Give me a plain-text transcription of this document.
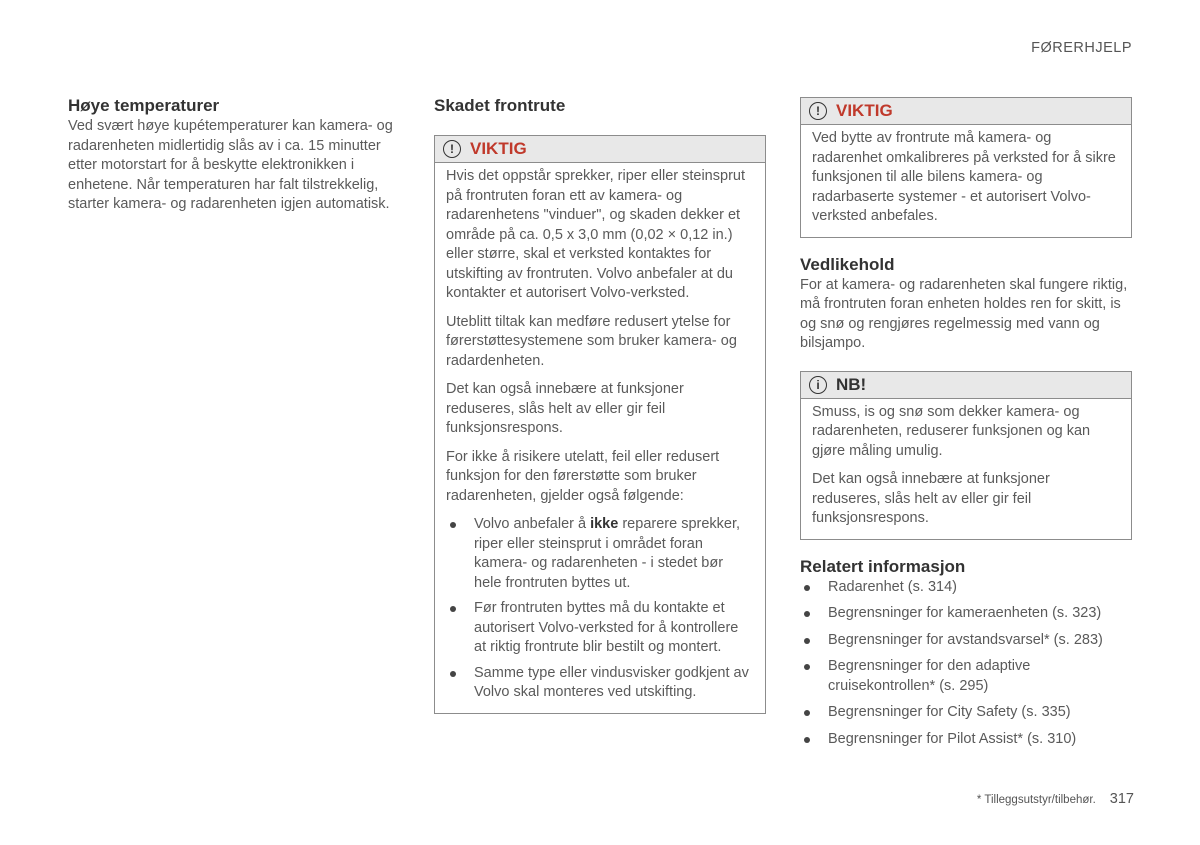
FØRERHJELP
Høye temperaturer

Ved svært høye kupétemperaturer kan kamera- og radarenheten midlertidig slås av i ca. 15 minutter etter motorstart for å beskytte elektronikken i enhetene. Når temperaturen har falt tilstrekkelig, starter kamera- og radarenheten igjen automatisk.

Skadet frontrute
! VIKTIG

Hvis det oppstår sprekker, riper eller steinsprut på frontruten foran ett av kamera- og radarenhetens "vinduer", og skaden dekker et område på ca. 0,5 x 3,0 mm (0,02 × 0,12 in.) eller større, skal et verksted kontaktes for utskifting av frontruten. Volvo anbefaler at du kontakter et autorisert Volvo-verksted.

Uteblitt tiltak kan medføre redusert ytelse for førerstøttesystemene som bruker kamera- og radardenheten.

Det kan også innebære at funksjoner reduseres, slås helt av eller gir feil funksjonsrespons.

For ikke å risikere utelatt, feil eller redusert funksjon for den førerstøtte som bruker radarenheten, gjelder også følgende:

Volvo anbefaler å ikke reparere sprekker, riper eller steinsprut i området foran kamera- og radarenheten - i stedet bør hele frontruten byttes ut.
Før frontruten byttes må du kontakte et autorisert Volvo-verksted for å kontrollere at riktig frontrute blir bestilt og montert.
Samme type eller vindusvisker godkjent av Volvo skal monteres ved utskifting.
! VIKTIG

Ved bytte av frontrute må kamera- og radarenhet omkalibreres på verksted for å sikre funksjonen til alle bilens kamera- og radarbaserte systemer - et autorisert Volvo-verksted anbefales.

Vedlikehold

For at kamera- og radarenheten skal fungere riktig, må frontruten foran enheten holdes ren for skitt, is og snø og rengjøres regelmessig med vann og bilsjampo.

i NB!

Smuss, is og snø som dekker kamera- og radarenheten, reduserer funksjonen og kan gjøre måling umulig.

Det kan også innebære at funksjoner reduseres, slås helt av eller gir feil funksjonsrespons.

Relatert informasjon
Radarenhet (s. 314)
Begrensninger for kameraenheten (s. 323)
Begrensninger for avstandsvarsel* (s. 283)
Begrensninger for den adaptive cruisekontrollen* (s. 295)
Begrensninger for City Safety (s. 335)
Begrensninger for Pilot Assist* (s. 310)
* Tilleggsutstyr/tilbehør. 317
